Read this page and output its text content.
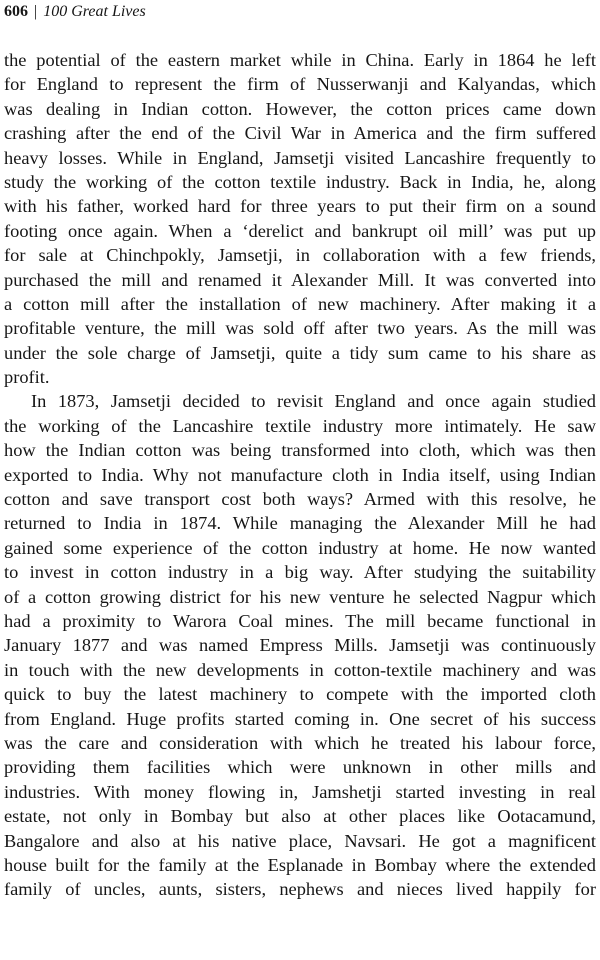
606 | 100 Great Lives
the potential of the eastern market while in China. Early in 1864 he left
for England to represent the firm of Nusserwanji and Kalyandas, which
was dealing in Indian cotton. However, the cotton prices came down
crashing after the end of the Civil War in America and the firm suffered
heavy losses. While in England, Jamsetji visited Lancashire frequently to
study the working of the cotton textile industry. Back in India, he, along
with his father, worked hard for three years to put their firm on a sound
footing once again. When a ‘derelict and bankrupt oil mill’ was put up
for sale at Chinchpokly, Jamsetji, in collaboration with a few friends,
purchased the mill and renamed it Alexander Mill. It was converted into
a cotton mill after the installation of new machinery. After making it a
profitable venture, the mill was sold off after two years. As the mill was
under the sole charge of Jamsetji, quite a tidy sum came to his share as
profit.
In 1873, Jamsetji decided to revisit England and once again studied
the working of the Lancashire textile industry more intimately. He saw
how the Indian cotton was being transformed into cloth, which was then
exported to India. Why not manufacture cloth in India itself, using Indian
cotton and save transport cost both ways? Armed with this resolve, he
returned to India in 1874. While managing the Alexander Mill he had
gained some experience of the cotton industry at home. He now wanted
to invest in cotton industry in a big way. After studying the suitability
of a cotton growing district for his new venture he selected Nagpur which
had a proximity to Warora Coal mines. The mill became functional in
January 1877 and was named Empress Mills. Jamsetji was continuously
in touch with the new developments in cotton-textile machinery and was
quick to buy the latest machinery to compete with the imported cloth
from England. Huge profits started coming in. One secret of his success
was the care and consideration with which he treated his labour force,
providing them facilities which were unknown in other mills and
industries. With money flowing in, Jamshetji started investing in real
estate, not only in Bombay but also at other places like Ootacamund,
Bangalore and also at his native place, Navsari. He got a magnificent
house built for the family at the Esplanade in Bombay where the extended
family of uncles, aunts, sisters, nephews and nieces lived happily for
